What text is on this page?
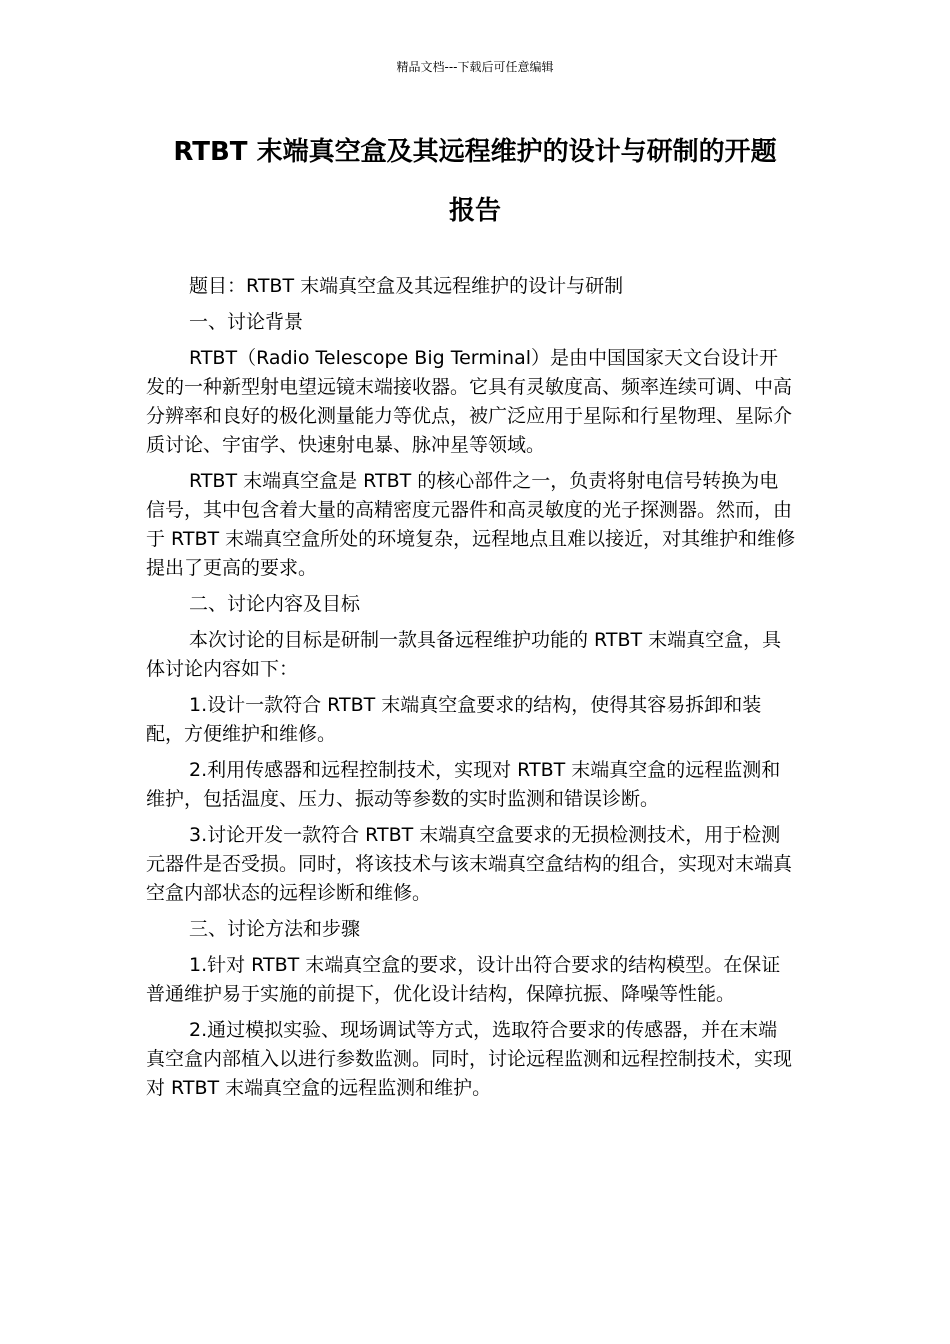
精品文档---下载后可任意编辑
RTBT 末端真空盒及其远程维护的设计与研制的开题
报告

题目：RTBT 末端真空盒及其远程维护的设计与研制

一、讨论背景

RTBT（Radio Telescope Big Terminal）是由中国国家天文台设计开发的一种新型射电望远镜末端接收器。它具有灵敏度高、频率连续可调、中高分辨率和良好的极化测量能力等优点，被广泛应用于星际和行星物理、星际介质讨论、宇宙学、快速射电暴、脉冲星等领域。

RTBT 末端真空盒是 RTBT 的核心部件之一，负责将射电信号转换为电信号，其中包含着大量的高精密度元器件和高灵敏度的光子探测器。然而，由于 RTBT 末端真空盒所处的环境复杂，远程地点且难以接近，对其维护和维修提出了更高的要求。

二、讨论内容及目标

本次讨论的目标是研制一款具备远程维护功能的 RTBT 末端真空盒，具体讨论内容如下：

1.设计一款符合 RTBT 末端真空盒要求的结构，使得其容易拆卸和装配，方便维护和维修。

2.利用传感器和远程控制技术，实现对 RTBT 末端真空盒的远程监测和维护，包括温度、压力、振动等参数的实时监测和错误诊断。

3.讨论开发一款符合 RTBT 末端真空盒要求的无损检测技术，用于检测元器件是否受损。同时，将该技术与该末端真空盒结构的组合，实现对末端真空盒内部状态的远程诊断和维修。

三、讨论方法和步骤

1.针对 RTBT 末端真空盒的要求，设计出符合要求的结构模型。在保证普通维护易于实施的前提下，优化设计结构，保障抗振、降噪等性能。

2.通过模拟实验、现场调试等方式，选取符合要求的传感器，并在末端真空盒内部植入以进行参数监测。同时，讨论远程监测和远程控制技术，实现对 RTBT 末端真空盒的远程监测和维护。
